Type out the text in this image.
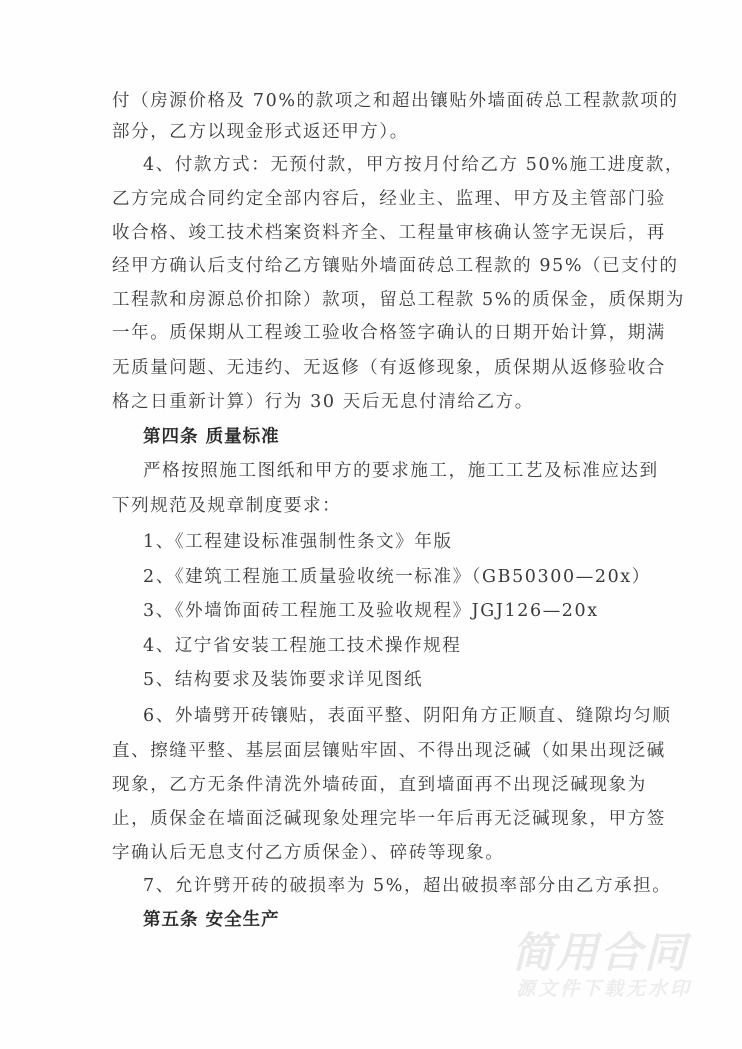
付（房源价格及 70%的款项之和超出镶贴外墙面砖总工程款款项的
部分，乙方以现金形式返还甲方）。
4、付款方式：无预付款，甲方按月付给乙方 50%施工进度款，
乙方完成合同约定全部内容后，经业主、监理、甲方及主管部门验
收合格、竣工技术档案资料齐全、工程量审核确认签字无误后，再
经甲方确认后支付给乙方镶贴外墙面砖总工程款的 95%（已支付的
工程款和房源总价扣除）款项，留总工程款 5%的质保金，质保期为
一年。质保期从工程竣工验收合格签字确认的日期开始计算，期满
无质量问题、无违约、无返修（有返修现象，质保期从返修验收合
格之日重新计算）行为 30 天后无息付清给乙方。
第四条 质量标准
严格按照施工图纸和甲方的要求施工，施工工艺及标准应达到
下列规范及规章制度要求：
1、《工程建设标准强制性条文》年版
2、《建筑工程施工质量验收统一标准》（GB50300—20x）
3、《外墙饰面砖工程施工及验收规程》JGJ126—20x
4、辽宁省安装工程施工技术操作规程
5、结构要求及装饰要求详见图纸
6、外墙劈开砖镶贴，表面平整、阴阳角方正顺直、缝隙均匀顺
直、擦缝平整、基层面层镶贴牢固、不得出现泛碱（如果出现泛碱
现象，乙方无条件清洗外墙砖面，直到墙面再不出现泛碱现象为
止，质保金在墙面泛碱现象处理完毕一年后再无泛碱现象，甲方签
字确认后无息支付乙方质保金）、碎砖等现象。
7、允许劈开砖的破损率为 5%，超出破损率部分由乙方承担。
第五条 安全生产
简用合同
源文件下载无水印
